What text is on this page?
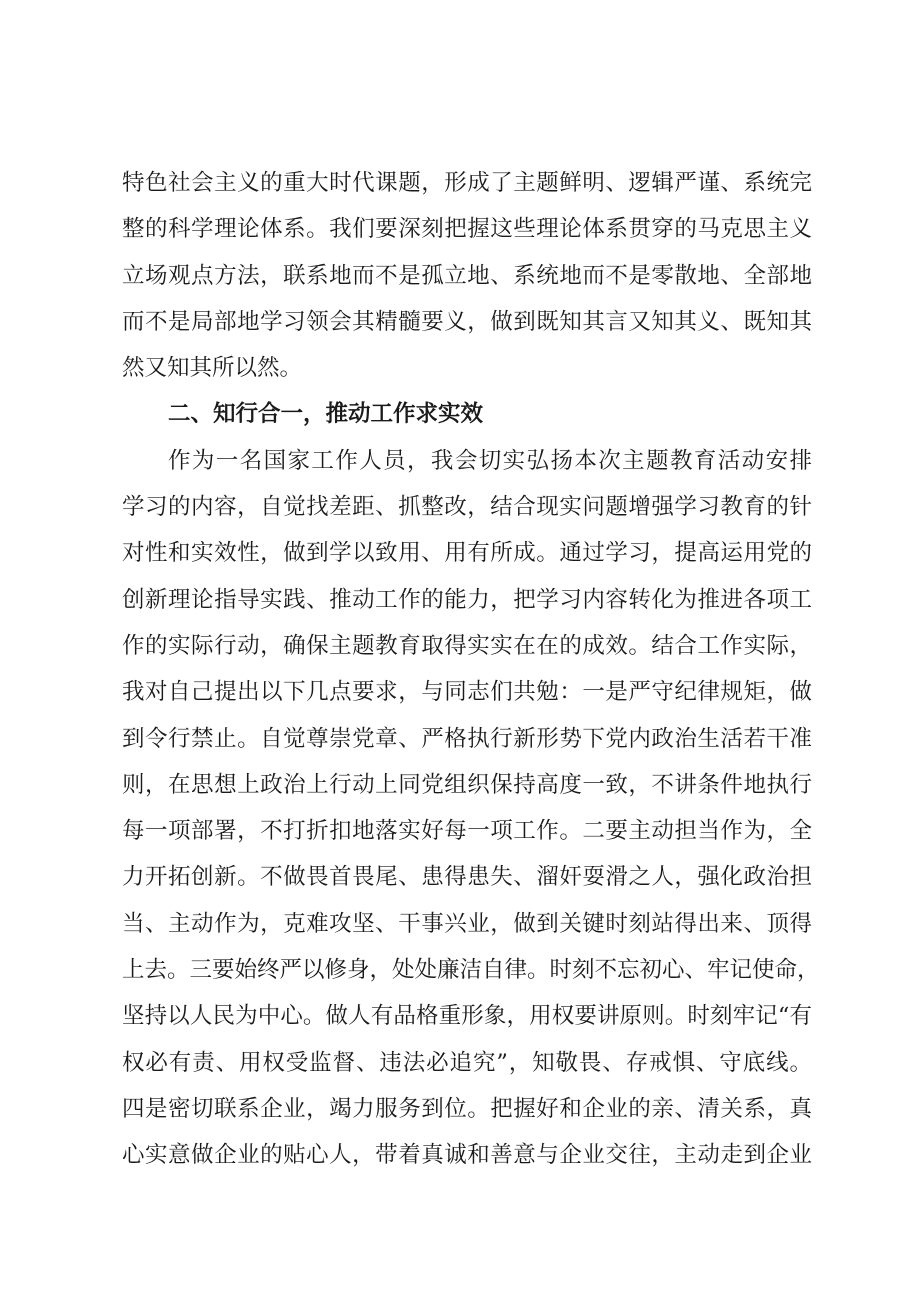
特色社会主义的重大时代课题，形成了主题鲜明、逻辑严谨、系统完
整的科学理论体系。我们要深刻把握这些理论体系贯穿的马克思主义
立场观点方法，联系地而不是孤立地、系统地而不是零散地、全部地
而不是局部地学习领会其精髓要义，做到既知其言又知其义、既知其
然又知其所以然。
二、知行合一，推动工作求实效
作为一名国家工作人员，我会切实弘扬本次主题教育活动安排
学习的内容，自觉找差距、抓整改，结合现实问题增强学习教育的针
对性和实效性，做到学以致用、用有所成。通过学习，提高运用党的
创新理论指导实践、推动工作的能力，把学习内容转化为推进各项工
作的实际行动，确保主题教育取得实实在在的成效。结合工作实际，
我对自己提出以下几点要求，与同志们共勉：一是严守纪律规矩，做
到令行禁止。自觉尊崇党章、严格执行新形势下党内政治生活若干准
则，在思想上政治上行动上同党组织保持高度一致，不讲条件地执行
每一项部署，不打折扣地落实好每一项工作。二要主动担当作为，全
力开拓创新。不做畏首畏尾、患得患失、溜奸耍滑之人，强化政治担
当、主动作为，克难攻坚、干事兴业，做到关键时刻站得出来、顶得
上去。三要始终严以修身，处处廉洁自律。时刻不忘初心、牢记使命，
坚持以人民为中心。做人有品格重形象，用权要讲原则。时刻牢记“有
权必有责、用权受监督、违法必追究”，知敬畏、存戒惧、守底线。
四是密切联系企业，竭力服务到位。把握好和企业的亲、清关系，真
心实意做企业的贴心人，带着真诚和善意与企业交往，主动走到企业
